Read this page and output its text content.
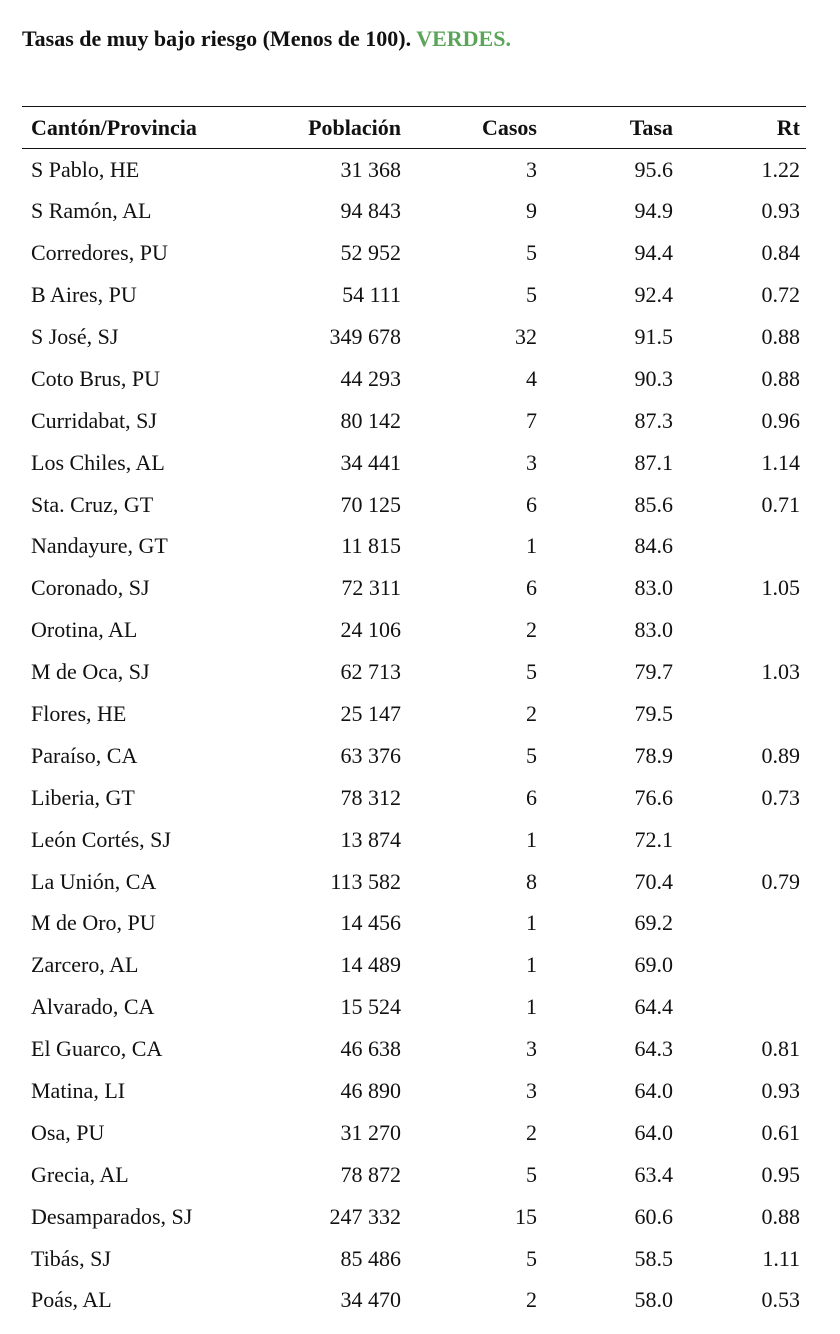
Tasas de muy bajo riesgo (Menos de 100). VERDES.
Cantón/Provincia	Población	Casos	Tasa	Rt
S Pablo, HE	31 368	3	95.6	1.22
S Ramón, AL	94 843	9	94.9	0.93
Corredores, PU	52 952	5	94.4	0.84
B Aires, PU	54 111	5	92.4	0.72
S José, SJ	349 678	32	91.5	0.88
Coto Brus, PU	44 293	4	90.3	0.88
Curridabat, SJ	80 142	7	87.3	0.96
Los Chiles, AL	34 441	3	87.1	1.14
Sta. Cruz, GT	70 125	6	85.6	0.71
Nandayure, GT	11 815	1	84.6	
Coronado, SJ	72 311	6	83.0	1.05
Orotina, AL	24 106	2	83.0	
M de Oca, SJ	62 713	5	79.7	1.03
Flores, HE	25 147	2	79.5	
Paraíso, CA	63 376	5	78.9	0.89
Liberia, GT	78 312	6	76.6	0.73
León Cortés, SJ	13 874	1	72.1	
La Unión, CA	113 582	8	70.4	0.79
M de Oro, PU	14 456	1	69.2	
Zarcero, AL	14 489	1	69.0	
Alvarado, CA	15 524	1	64.4	
El Guarco, CA	46 638	3	64.3	0.81
Matina, LI	46 890	3	64.0	0.93
Osa, PU	31 270	2	64.0	0.61
Grecia, AL	78 872	5	63.4	0.95
Desamparados, SJ	247 332	15	60.6	0.88
Tibás, SJ	85 486	5	58.5	1.11
Poás, AL	34 470	2	58.0	0.53
